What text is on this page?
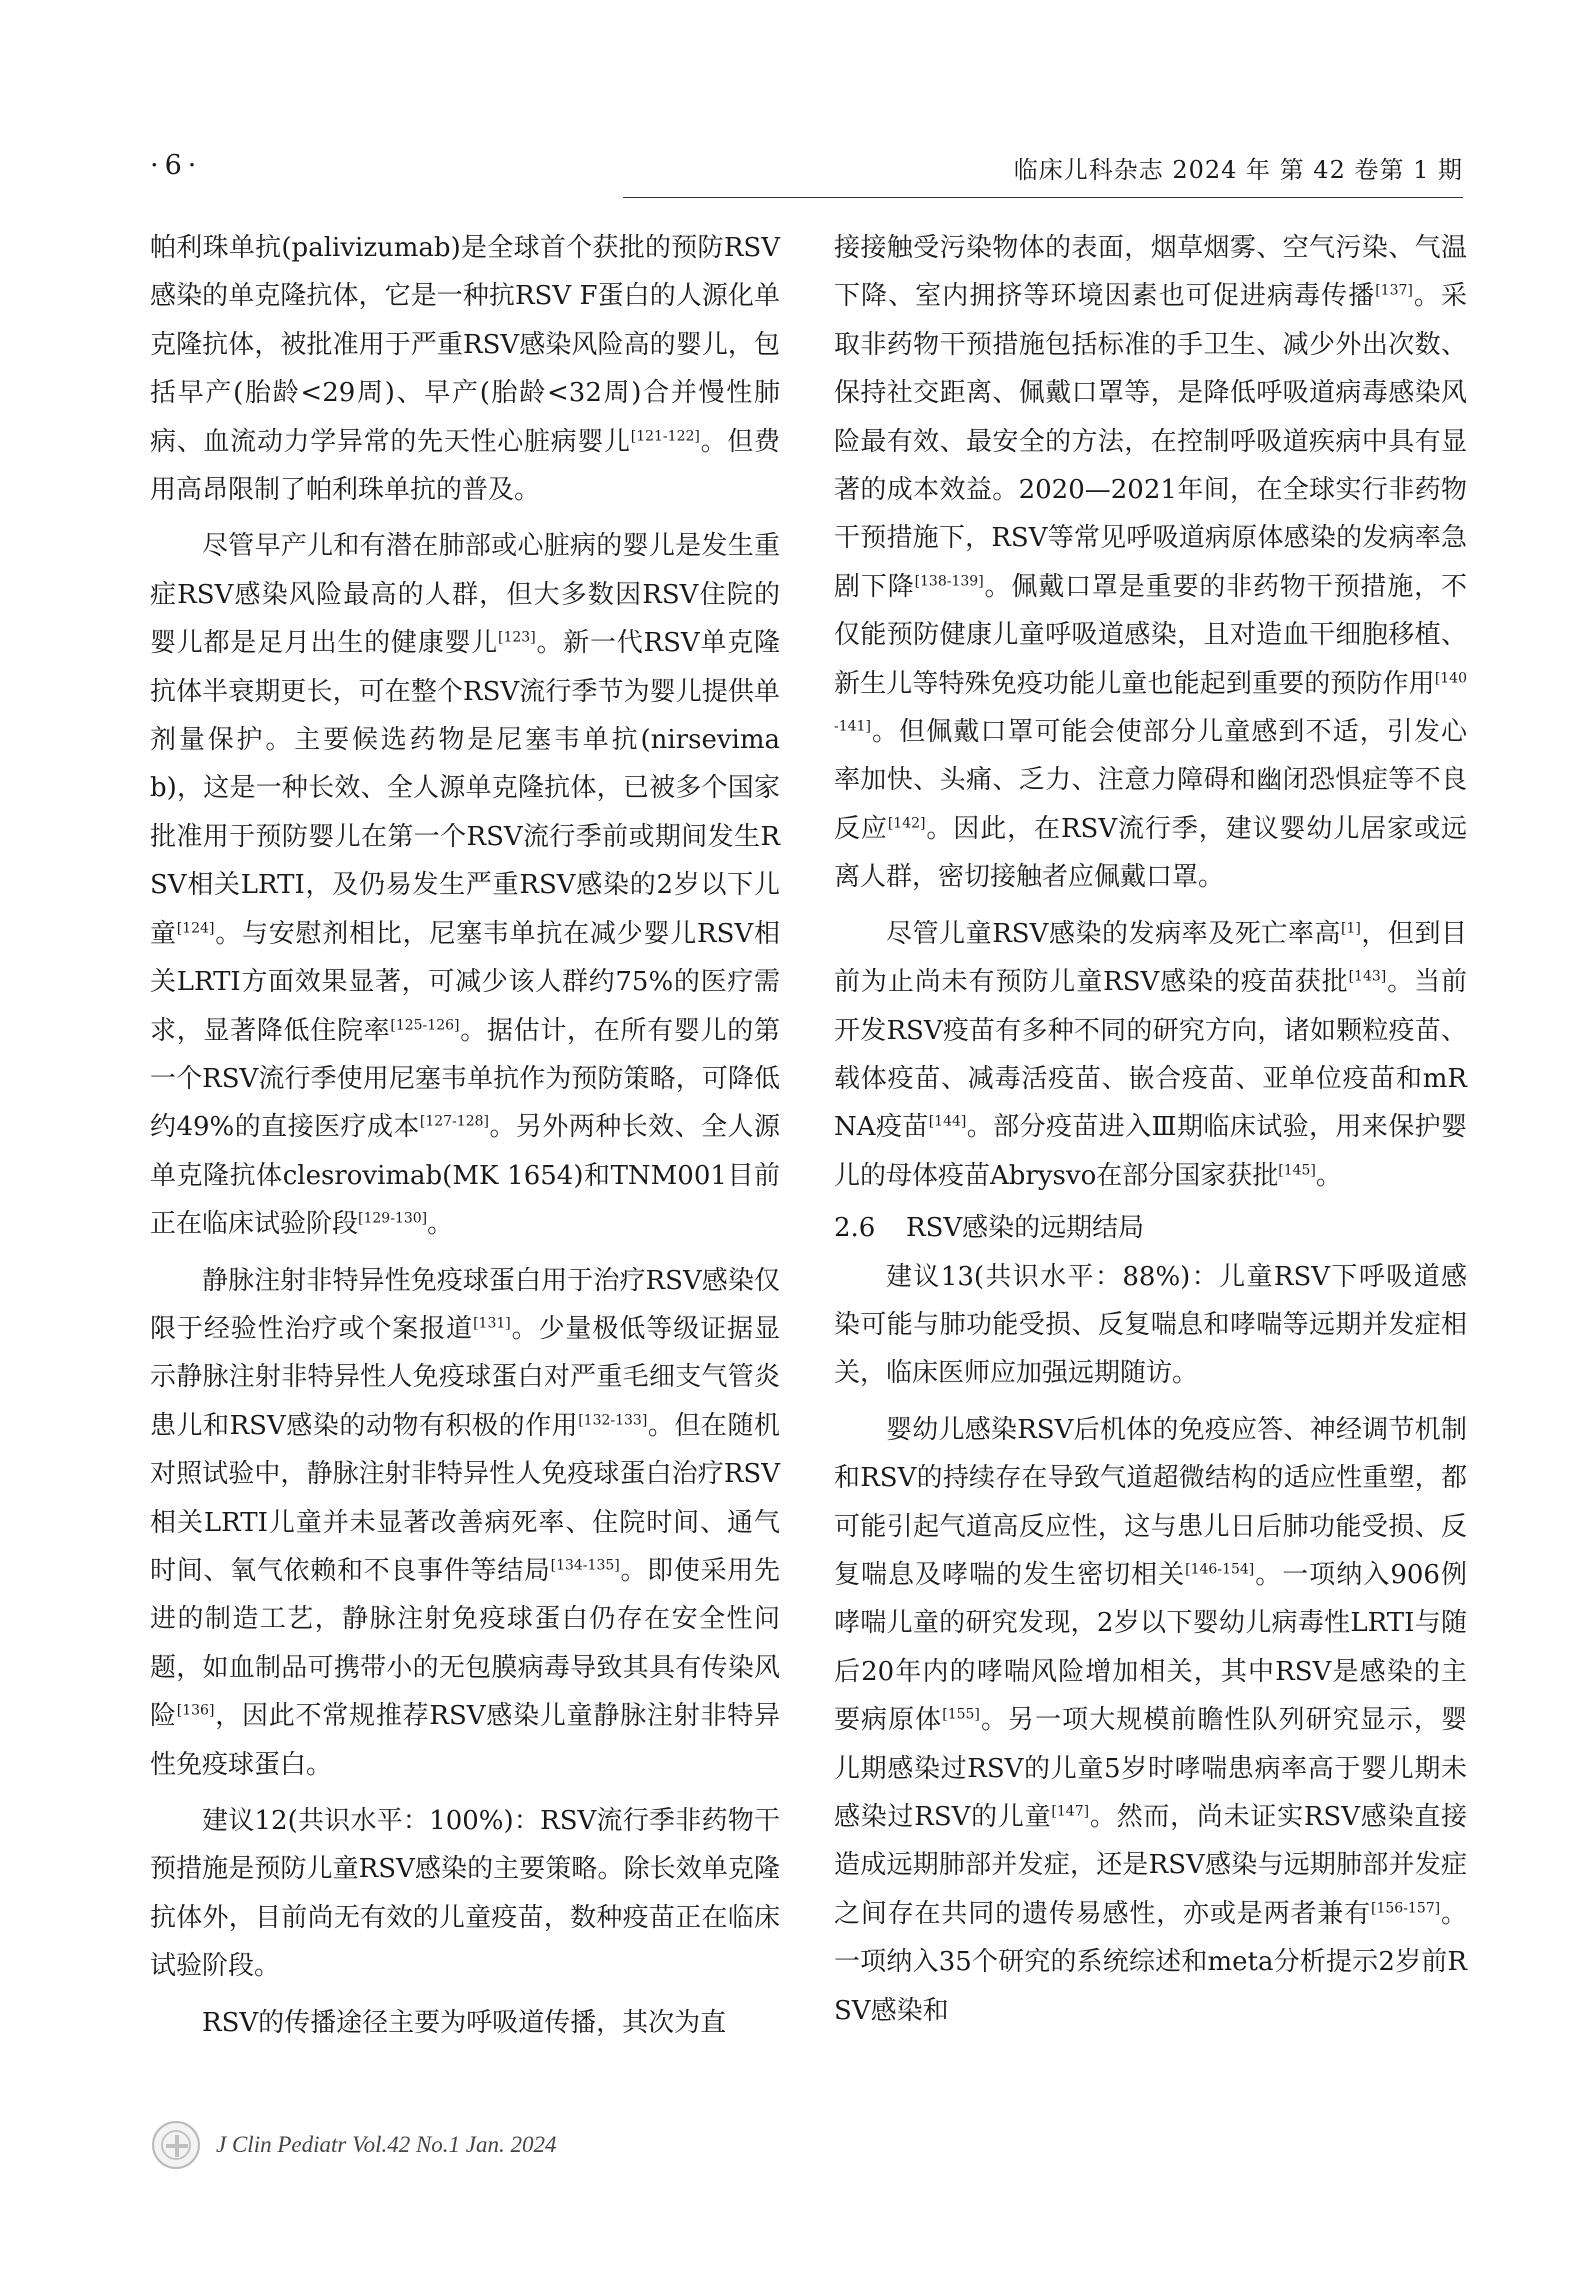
·6·	临床儿科杂志 2024 年 第 42 卷第 1 期

帕利珠单抗(palivizumab)是全球首个获批的预防RSV感染的单克隆抗体，它是一种抗RSV F蛋白的人源化单克隆抗体，被批准用于严重RSV感染风险高的婴儿，包括早产(胎龄<29周)、早产(胎龄<32周)合并慢性肺病、血流动力学异常的先天性心脏病婴儿[121-122]。但费用高昂限制了帕利珠单抗的普及。

尽管早产儿和有潜在肺部或心脏病的婴儿是发生重症RSV感染风险最高的人群，但大多数因RSV住院的婴儿都是足月出生的健康婴儿[123]。新一代RSV单克隆抗体半衰期更长，可在整个RSV流行季节为婴儿提供单剂量保护。主要候选药物是尼塞韦单抗(nirsevimab)，这是一种长效、全人源单克隆抗体，已被多个国家批准用于预防婴儿在第一个RSV流行季前或期间发生RSV相关LRTI，及仍易发生严重RSV感染的2岁以下儿童[124]。与安慰剂相比，尼塞韦单抗在减少婴儿RSV相关LRTI方面效果显著，可减少该人群约75%的医疗需求，显著降低住院率[125-126]。据估计，在所有婴儿的第一个RSV流行季使用尼塞韦单抗作为预防策略，可降低约49%的直接医疗成本[127-128]。另外两种长效、全人源单克隆抗体clesrovimab(MK 1654)和TNM001目前正在临床试验阶段[129-130]。

静脉注射非特异性免疫球蛋白用于治疗RSV感染仅限于经验性治疗或个案报道[131]。少量极低等级证据显示静脉注射非特异性人免疫球蛋白对严重毛细支气管炎患儿和RSV感染的动物有积极的作用[132-133]。但在随机对照试验中，静脉注射非特异性人免疫球蛋白治疗RSV相关LRTI儿童并未显著改善病死率、住院时间、通气时间、氧气依赖和不良事件等结局[134-135]。即使采用先进的制造工艺，静脉注射免疫球蛋白仍存在安全性问题，如血制品可携带小的无包膜病毒导致其具有传染风险[136]，因此不常规推荐RSV感染儿童静脉注射非特异性免疫球蛋白。

建议12(共识水平：100%)：RSV流行季非药物干预措施是预防儿童RSV感染的主要策略。除长效单克隆抗体外，目前尚无有效的儿童疫苗，数种疫苗正在临床试验阶段。

RSV的传播途径主要为呼吸道传播，其次为直

接接触受污染物体的表面，烟草烟雾、空气污染、气温下降、室内拥挤等环境因素也可促进病毒传播[137]。采取非药物干预措施包括标准的手卫生、减少外出次数、保持社交距离、佩戴口罩等，是降低呼吸道病毒感染风险最有效、最安全的方法，在控制呼吸道疾病中具有显著的成本效益。2020—2021年间，在全球实行非药物干预措施下，RSV等常见呼吸道病原体感染的发病率急剧下降[138-139]。佩戴口罩是重要的非药物干预措施，不仅能预防健康儿童呼吸道感染，且对造血干细胞移植、新生儿等特殊免疫功能儿童也能起到重要的预防作用[140-141]。但佩戴口罩可能会使部分儿童感到不适，引发心率加快、头痛、乏力、注意力障碍和幽闭恐惧症等不良反应[142]。因此，在RSV流行季，建议婴幼儿居家或远离人群，密切接触者应佩戴口罩。

尽管儿童RSV感染的发病率及死亡率高[1]，但到目前为止尚未有预防儿童RSV感染的疫苗获批[143]。当前开发RSV疫苗有多种不同的研究方向，诸如颗粒疫苗、载体疫苗、减毒活疫苗、嵌合疫苗、亚单位疫苗和mRNA疫苗[144]。部分疫苗进入Ⅲ期临床试验，用来保护婴儿的母体疫苗Abrysvo在部分国家获批[145]。

2.6 RSV感染的远期结局

建议13(共识水平：88%)：儿童RSV下呼吸道感染可能与肺功能受损、反复喘息和哮喘等远期并发症相关，临床医师应加强远期随访。

婴幼儿感染RSV后机体的免疫应答、神经调节机制和RSV的持续存在导致气道超微结构的适应性重塑，都可能引起气道高反应性，这与患儿日后肺功能受损、反复喘息及哮喘的发生密切相关[146-154]。一项纳入906例哮喘儿童的研究发现，2岁以下婴幼儿病毒性LRTI与随后20年内的哮喘风险增加相关，其中RSV是感染的主要病原体[155]。另一项大规模前瞻性队列研究显示，婴儿期感染过RSV的儿童5岁时哮喘患病率高于婴儿期未感染过RSV的儿童[147]。然而，尚未证实RSV感染直接造成远期肺部并发症，还是RSV感染与远期肺部并发症之间存在共同的遗传易感性，亦或是两者兼有[156-157]。一项纳入35个研究的系统综述和meta分析提示2岁前RSV感染和

J Clin Pediatr Vol.42 No.1 Jan. 2024
